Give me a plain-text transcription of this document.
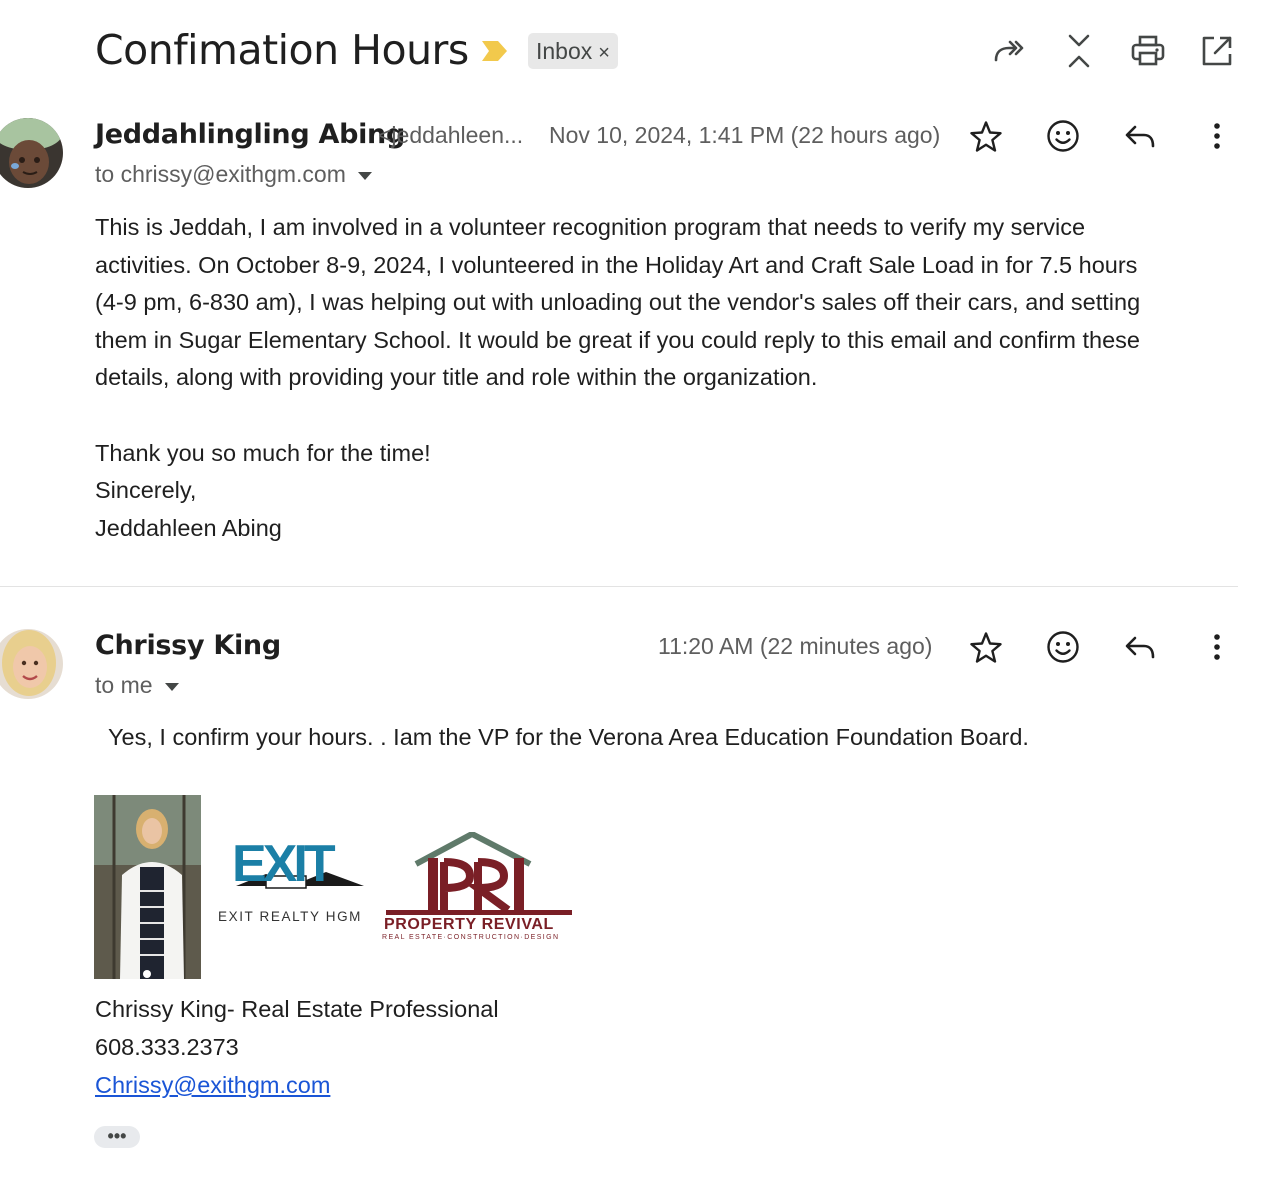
Confimation Hours	Inbox ×
Jeddahlingling Abing
<jeddahleen... Nov 10, 2024, 1:41 PM (22 hours ago)
to chrissy@exithgm.com

This is Jeddah, I am involved in a volunteer recognition program that needs to verify my service

activities. On October 8-9, 2024, I volunteered in the Holiday Art and Craft Sale Load in for 7.5 hours

(4-9 pm, 6-830 am), I was helping out with unloading out the vendor's sales off their cars, and setting

them in Sugar Elementary School. It would be great if you could reply to this email and confirm these

details, along with providing your title and role within the organization.

Thank you so much for the time!

Sincerely,

Jeddahleen Abing

Chrissy King	11:20 AM (22 minutes ago)
to me
Yes, I confirm your hours. . Iam the VP for the Verona Area Education Foundation Board.
EXIT
EXIT REALTY HGM PROPERTY REVIVAL
REAL ESTATE·CONSTRUCTION·DESIGN
Chrissy King- Real Estate Professional
608.333.2373
Chrissy@exithgm.com
•••
